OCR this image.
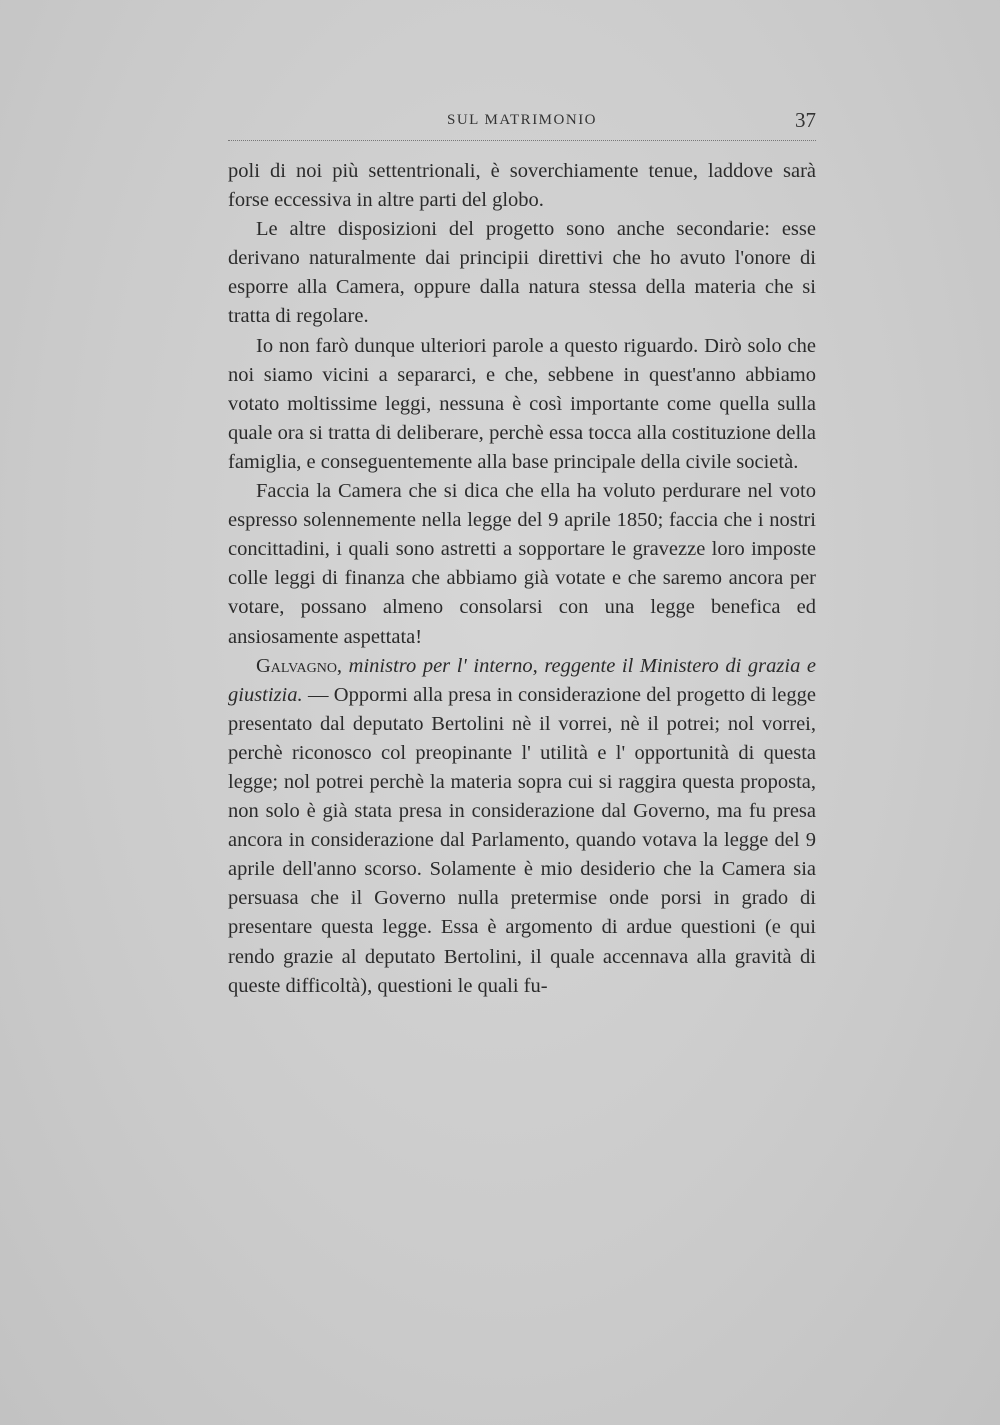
SUL MATRIMONIO	37

poli di noi più settentrionali, è soverchiamente tenue, laddove sarà forse eccessiva in altre parti del globo.

Le altre disposizioni del progetto sono anche secondarie: esse derivano naturalmente dai principii direttivi che ho avuto l'onore di esporre alla Camera, oppure dalla natura stessa della materia che si tratta di regolare.

Io non farò dunque ulteriori parole a questo riguardo. Dirò solo che noi siamo vicini a separarci, e che, sebbene in quest'anno abbiamo votato moltissime leggi, nessuna è così importante come quella sulla quale ora si tratta di deliberare, perchè essa tocca alla costituzione della famiglia, e conseguentemente alla base principale della civile società.

Faccia la Camera che si dica che ella ha voluto perdurare nel voto espresso solennemente nella legge del 9 aprile 1850; faccia che i nostri concittadini, i quali sono astretti a sopportare le gravezze loro imposte colle leggi di finanza che abbiamo già votate e che saremo ancora per votare, possano almeno consolarsi con una legge benefica ed ansiosamente aspettata!

Galvagno, ministro per l' interno, reggente il Ministero di grazia e giustizia. — Oppormi alla presa in considerazione del progetto di legge presentato dal deputato Bertolini nè il vorrei, nè il potrei; nol vorrei, perchè riconosco col preopinante l' utilità e l' opportunità di questa legge; nol potrei perchè la materia sopra cui si raggira questa proposta, non solo è già stata presa in considerazione dal Governo, ma fu presa ancora in considerazione dal Parlamento, quando votava la legge del 9 aprile dell'anno scorso. Solamente è mio desiderio che la Camera sia persuasa che il Governo nulla pretermise onde porsi in grado di presentare questa legge. Essa è argomento di ardue questioni (e qui rendo grazie al deputato Bertolini, il quale accennava alla gravità di queste difficoltà), questioni le quali fu-
